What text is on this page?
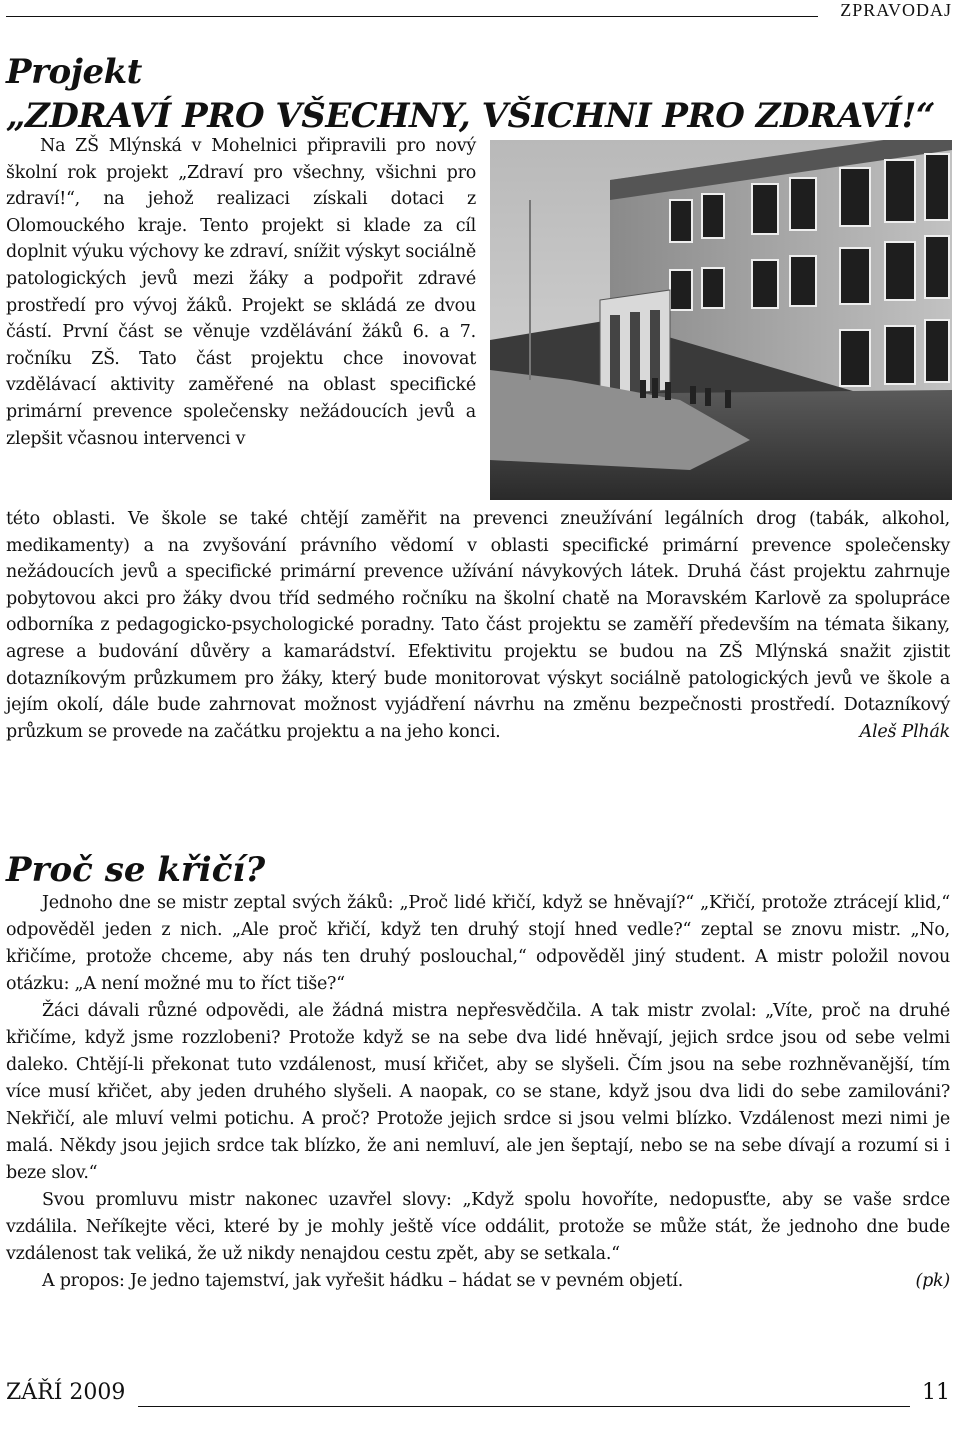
ZPRAVODAJ
Projekt
„ZDRAVÍ PRO VŠECHNY, VŠICHNI PRO ZDRAVÍ!“

Na ZŠ Mlýnská v Mohelnici připravili pro nový školní rok projekt „Zdraví pro všechny, všichni pro zdraví!“, na jehož realizaci získali dotaci z Olomouckého kraje. Tento projekt si klade za cíl doplnit výuku výchovy ke zdraví, snížit výskyt sociálně patologických jevů mezi žáky a podpořit zdravé prostředí pro vývoj žáků. Projekt se skládá ze dvou částí. První část se věnuje vzdělávání žáků 6. a 7. ročníku ZŠ. Tato část projektu chce inovovat vzdělávací aktivity zaměřené na oblast specifické primární prevence společensky nežádoucích jevů a zlepšit včasnou intervenci v

této oblasti. Ve škole se také chtějí zaměřit na prevenci zneužívání legálních drog (tabák, alkohol, medikamenty) a na zvyšování právního vědomí v oblasti specifické primární prevence společensky nežádoucích jevů a specifické primární prevence užívání návykových látek. Druhá část projektu zahrnuje pobytovou akci pro žáky dvou tříd sedmého ročníku na školní chatě na Moravském Karlově za spolupráce odborníka z pedagogicko-psychologické poradny. Tato část projektu se zaměří především na témata šikany, agrese a budování důvěry a kamarádství. Efektivitu projektu se budou na ZŠ Mlýnská snažit zjistit dotazníkovým průzkumem pro žáky, který bude monitorovat výskyt sociálně patologických jevů ve škole a jejím okolí, dále bude zahrnovat možnost vyjádření návrhu na změnu bezpečnosti prostředí. Dotazníkový průzkum se provede na začátku projektu a na jeho konci.	Aleš Plhák

Proč se křičí?
Jednoho dne se mistr zeptal svých žáků: „Proč lidé křičí, když se hněvají?“ „Křičí, protože ztrácejí klid,“ odpověděl jeden z nich. „Ale proč křičí, když ten druhý stojí hned vedle?“ zeptal se znovu mistr. „No, křičíme, protože chceme, aby nás ten druhý poslouchal,“ odpověděl jiný student. A mistr položil novou otázku: „A není možné mu to říct tiše?“
Žáci dávali různé odpovědi, ale žádná mistra nepřesvědčila. A tak mistr zvolal: „Víte, proč na druhé křičíme, když jsme rozzlobeni? Protože když se na sebe dva lidé hněvají, jejich srdce jsou od sebe velmi daleko. Chtějí-li překonat tuto vzdálenost, musí křičet, aby se slyšeli. Čím jsou na sebe rozhněvanější, tím více musí křičet, aby jeden druhého slyšeli. A naopak, co se stane, když jsou dva lidi do sebe zamilováni? Nekřičí, ale mluví velmi potichu. A proč? Protože jejich srdce si jsou velmi blízko. Vzdálenost mezi nimi je malá. Někdy jsou jejich srdce tak blízko, že ani nemluví, ale jen šeptají, nebo se na sebe dívají a rozumí si i beze slov.“
Svou promluvu mistr nakonec uzavřel slovy: „Když spolu hovoříte, nedopusťte, aby se vaše srdce vzdálila. Neříkejte věci, které by je mohly ještě více oddálit, protože se může stát, že jednoho dne bude vzdálenost tak veliká, že už nikdy nenajdou cestu zpět, aby se setkala.“
A propos: Je jedno tajemství, jak vyřešit hádku – hádat se v pevném objetí.	(pk)
ZÁŘÍ 2009	11
